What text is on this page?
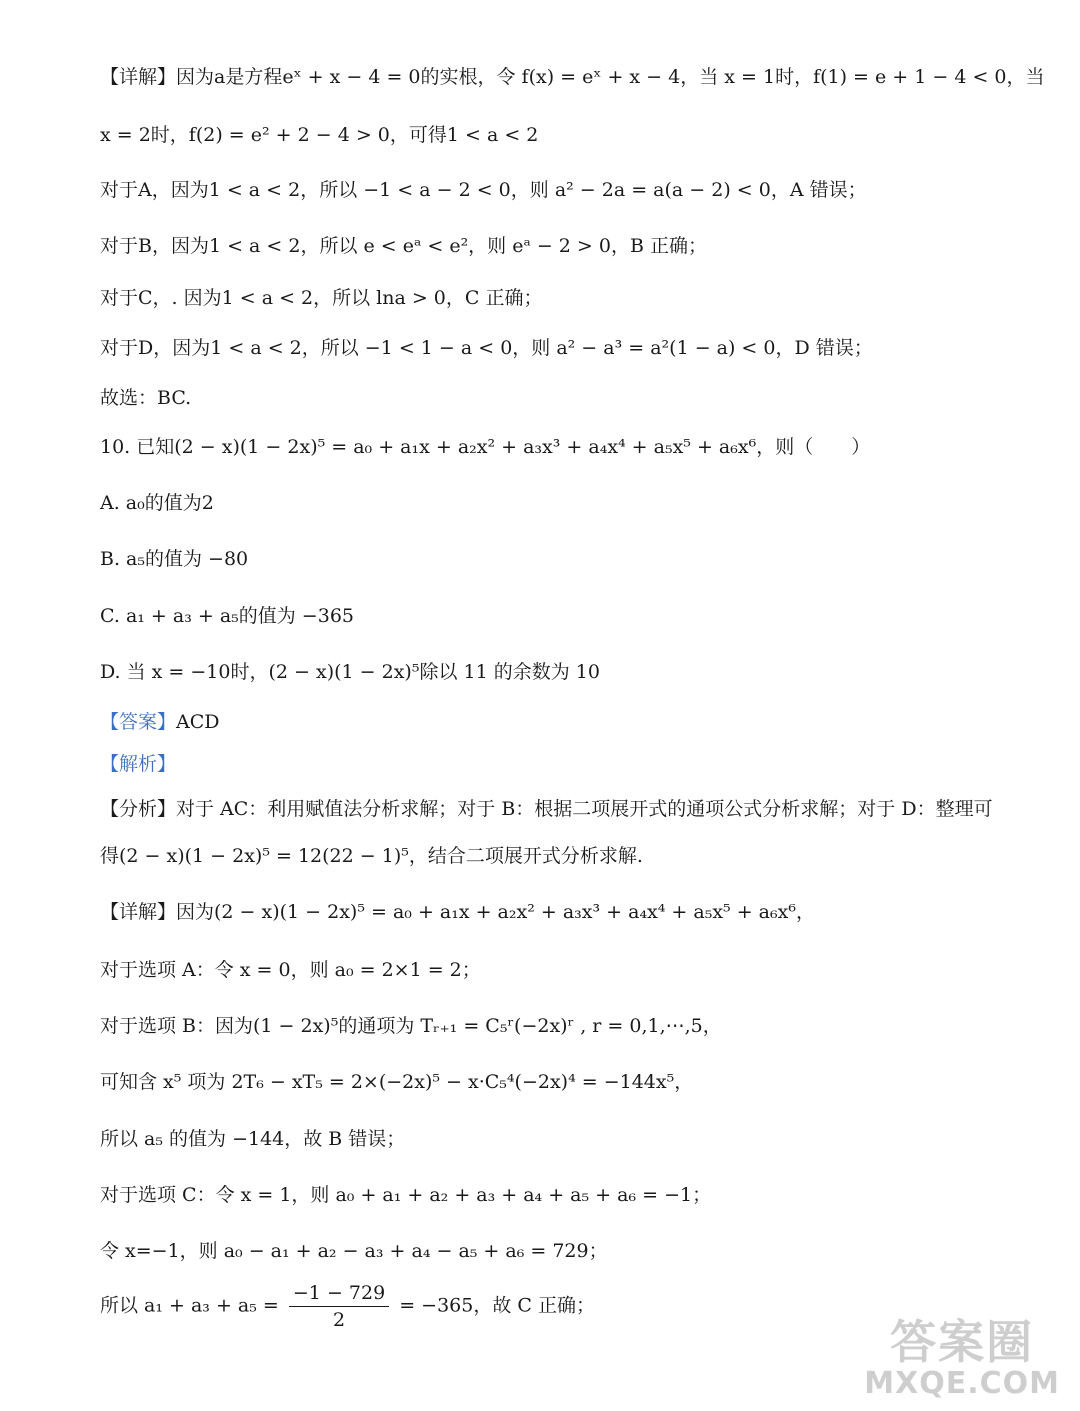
【详解】因为a是方程eˣ + x − 4 = 0的实根，令 f(x) = eˣ + x − 4，当 x = 1时，f(1) = e + 1 − 4 < 0，当
x = 2时，f(2) = e² + 2 − 4 > 0，可得1 < a < 2
对于A，因为1 < a < 2，所以 −1 < a − 2 < 0，则 a² − 2a = a(a − 2) < 0，A 错误；
对于B，因为1 < a < 2，所以 e < eᵃ < e²，则 eᵃ − 2 > 0，B 正确；
对于C，. 因为1 < a < 2，所以 lna > 0，C 正确；
对于D，因为1 < a < 2，所以 −1 < 1 − a < 0，则 a² − a³ = a²(1 − a) < 0，D 错误；
故选：BC.
10. 已知(2 − x)(1 − 2x)⁵ = a₀ + a₁x + a₂x² + a₃x³ + a₄x⁴ + a₅x⁵ + a₆x⁶，则（　　）
A. a₀的值为2
B. a₅的值为 −80
C. a₁ + a₃ + a₅的值为 −365
D. 当 x = −10时，(2 − x)(1 − 2x)⁵除以 11 的余数为 10
【答案】ACD
【解析】
【分析】对于 AC：利用赋值法分析求解；对于 B：根据二项展开式的通项公式分析求解；对于 D：整理可
得(2 − x)(1 − 2x)⁵ = 12(22 − 1)⁵，结合二项展开式分析求解.
【详解】因为(2 − x)(1 − 2x)⁵ = a₀ + a₁x + a₂x² + a₃x³ + a₄x⁴ + a₅x⁵ + a₆x⁶，
对于选项 A：令 x = 0，则 a₀ = 2×1 = 2；
对于选项 B：因为(1 − 2x)⁵的通项为 Tᵣ₊₁ = C₅ʳ(−2x)ʳ , r = 0,1,⋯,5，
可知含 x⁵ 项为 2T₆ − xT₅ = 2×(−2x)⁵ − x·C₅⁴(−2x)⁴ = −144x⁵，
所以 a₅ 的值为 −144，故 B 错误；
对于选项 C：令 x = 1，则 a₀ + a₁ + a₂ + a₃ + a₄ + a₅ + a₆ = −1；
令 x=−1，则 a₀ − a₁ + a₂ − a₃ + a₄ − a₅ + a₆ = 729；
所以 $a_1 + a_3 + a_5 = \frac{-1 - 729}{2} = -365$，故 C 正确；
答案圈
MXQE.COM
